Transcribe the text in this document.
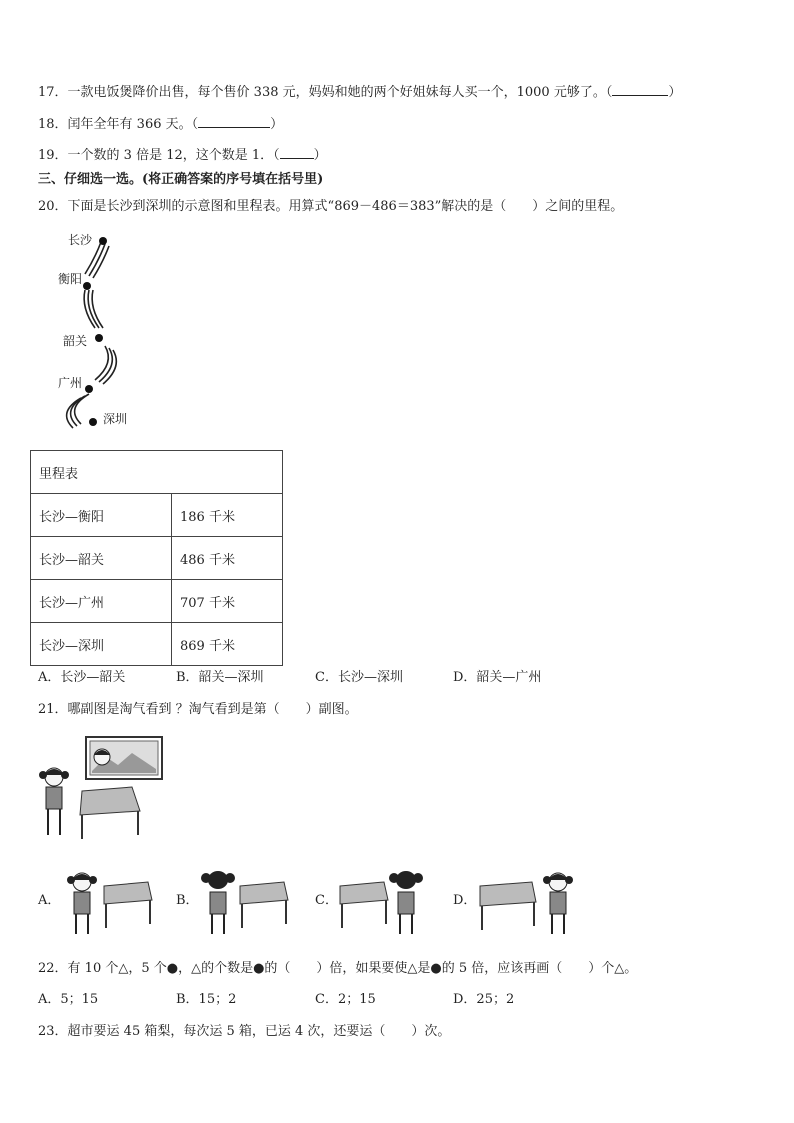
17．一款电饭煲降价出售，每个售价 338 元，妈妈和她的两个好姐妹每人买一个，1000 元够了。（	）
18．闰年全年有 366 天。（	）
19．一个数的 3 倍是 12，这个数是 1．（	）
三、仔细选一选。(将正确答案的序号填在括号里)
20．下面是长沙到深圳的示意图和里程表。用算式“869－486＝383”解决的是（　　）之间的里程。
长沙
衡阳
韶关
广州
深圳
里程表	
长沙—衡阳	186 千米
长沙—韶关	486 千米
长沙—广州	707 千米
长沙—深圳	869 千米
A．长沙—韶关	B．韶关—深圳	C．长沙—深圳	D．韶关—广州
21．哪副图是淘气看到 ？淘气看到是第（　　）副图。
A．	B．	C．	D．
22．有 10 个△，5 个●，△的个数是●的（　　）倍，如果要使△是●的 5 倍，应该再画（　　）个△。
A．5；15	B．15；2	C．2；15	D．25；2
23．超市要运 45 箱梨，每次运 5 箱，已运 4 次，还要运（　　）次。
